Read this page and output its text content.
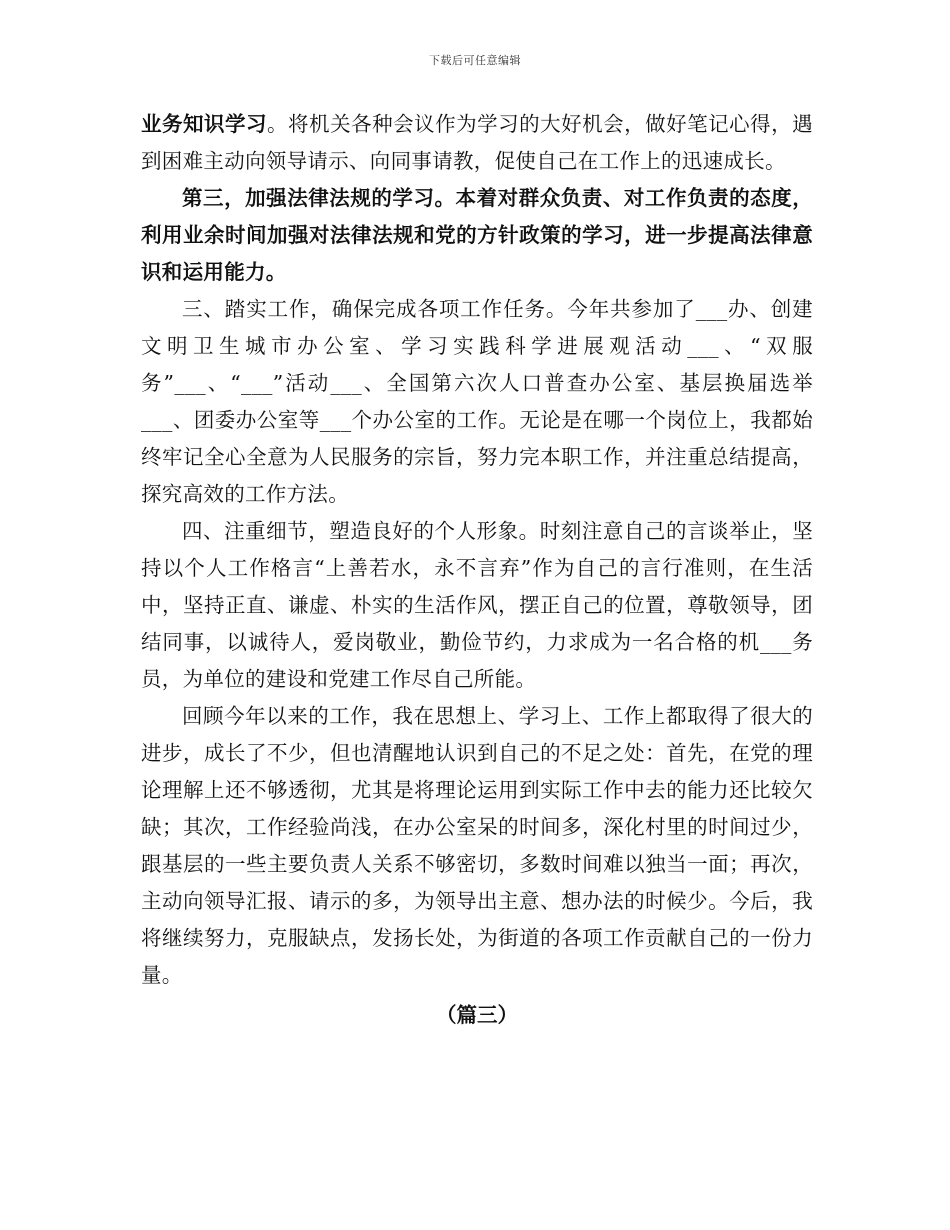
下载后可任意编辑

业务知识学习。将机关各种会议作为学习的大好机会，做好笔记心得，遇到困难主动向领导请示、向同事请教，促使自己在工作上的迅速成长。

第三，加强法律法规的学习。本着对群众负责、对工作负责的态度，利用业余时间加强对法律法规和党的方针政策的学习，进一步提高法律意识和运用能力。

三、踏实工作，确保完成各项工作任务。今年共参加了___办、创建文明卫生城市办公室、学习实践科学进展观活动___、“双服务”___、“___”活动___、全国第六次人口普查办公室、基层换届选举___、团委办公室等___个办公室的工作。无论是在哪一个岗位上，我都始终牢记全心全意为人民服务的宗旨，努力完本职工作，并注重总结提高，探究高效的工作方法。

四、注重细节，塑造良好的个人形象。时刻注意自己的言谈举止，坚持以个人工作格言“上善若水，永不言弃”作为自己的言行准则，在生活中，坚持正直、谦虚、朴实的生活作风，摆正自己的位置，尊敬领导，团结同事，以诚待人，爱岗敬业，勤俭节约，力求成为一名合格的机___务员，为单位的建设和党建工作尽自己所能。

回顾今年以来的工作，我在思想上、学习上、工作上都取得了很大的进步，成长了不少，但也清醒地认识到自己的不足之处：首先，在党的理论理解上还不够透彻，尤其是将理论运用到实际工作中去的能力还比较欠缺；其次，工作经验尚浅，在办公室呆的时间多，深化村里的时间过少，跟基层的一些主要负责人关系不够密切，多数时间难以独当一面；再次，主动向领导汇报、请示的多，为领导出主意、想办法的时候少。今后，我将继续努力，克服缺点，发扬长处，为街道的各项工作贡献自己的一份力量。

（篇三）
